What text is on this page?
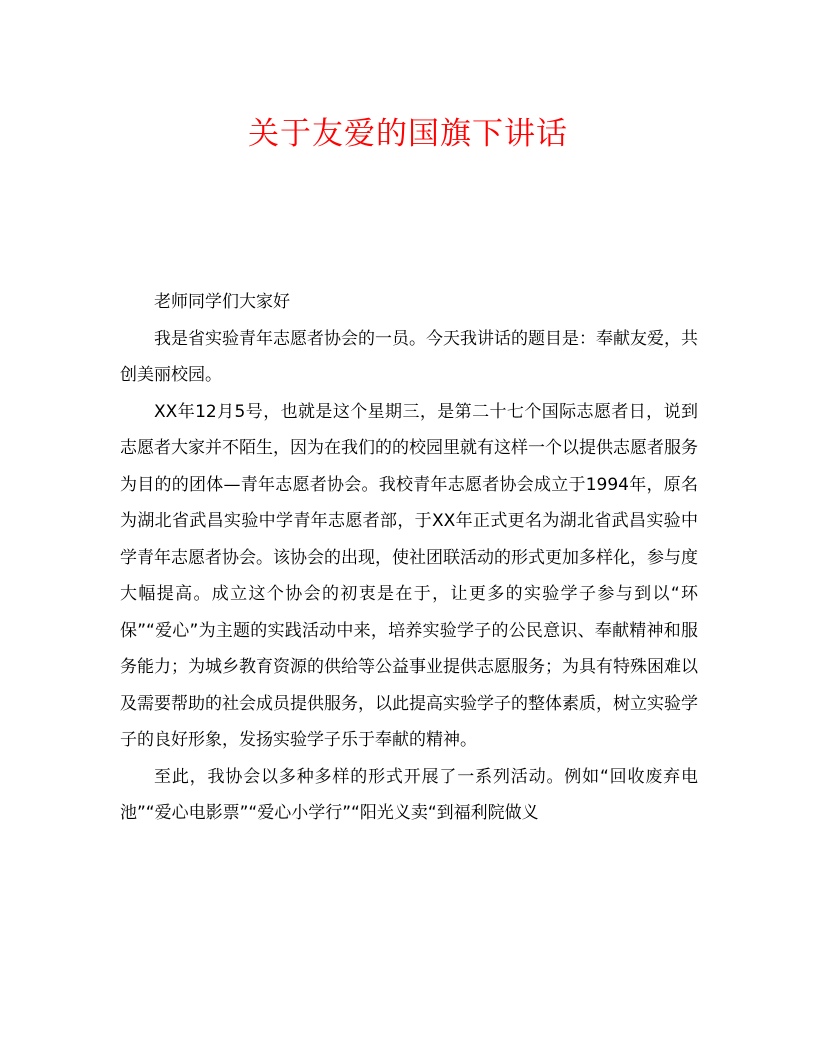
关于友爱的国旗下讲话

老师同学们大家好

我是省实验青年志愿者协会的一员。今天我讲话的题目是：奉献友爱，共创美丽校园。

XX年12月5号，也就是这个星期三，是第二十七个国际志愿者日，说到志愿者大家并不陌生，因为在我们的的校园里就有这样一个以提供志愿者服务为目的的团体—青年志愿者协会。我校青年志愿者协会成立于1994年，原名为湖北省武昌实验中学青年志愿者部，于XX年正式更名为湖北省武昌实验中学青年志愿者协会。该协会的出现，使社团联活动的形式更加多样化，参与度大幅提高。成立这个协会的初衷是在于，让更多的实验学子参与到以“环保”“爱心”为主题的实践活动中来，培养实验学子的公民意识、奉献精神和服务能力；为城乡教育资源的供给等公益事业提供志愿服务；为具有特殊困难以及需要帮助的社会成员提供服务，以此提高实验学子的整体素质，树立实验学子的良好形象，发扬实验学子乐于奉献的精神。

至此，我协会以多种多样的形式开展了一系列活动。例如“回收废弃电池”“爱心电影票”“爱心小学行”“阳光义卖“到福利院做义
